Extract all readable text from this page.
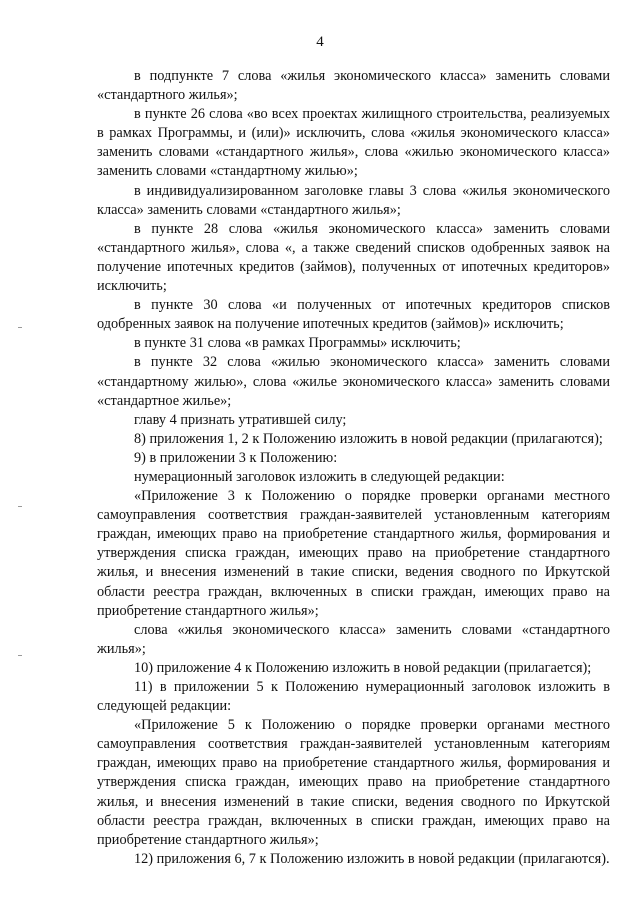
4

в подпункте 7 слова «жилья экономического класса» заменить словами «стандартного жилья»;

в пункте 26 слова «во всех проектах жилищного строительства, реализуемых в рамках Программы, и (или)» исключить, слова «жилья экономического класса» заменить словами «стандартного жилья», слова «жилью экономического класса» заменить словами «стандартному жилью»;

в индивидуализированном заголовке главы 3 слова «жилья экономического класса» заменить словами «стандартного жилья»;

в пункте 28 слова «жилья экономического класса» заменить словами «стандартного жилья», слова «, а также сведений списков одобренных заявок на получение ипотечных кредитов (займов), полученных от ипотечных кредиторов» исключить;

в пункте 30 слова «и полученных от ипотечных кредиторов списков одобренных заявок на получение ипотечных кредитов (займов)» исключить;

в пункте 31 слова «в рамках Программы» исключить;

в пункте 32 слова «жилью экономического класса» заменить словами «стандартному жилью», слова «жилье экономического класса» заменить словами «стандартное жилье»;

главу 4 признать утратившей силу;

8) приложения 1, 2 к Положению изложить в новой редакции (прилагаются);

9) в приложении 3 к Положению:

нумерационный заголовок изложить в следующей редакции:

«Приложение 3 к Положению о порядке проверки органами местного самоуправления соответствия граждан-заявителей установленным категориям граждан, имеющих право на приобретение стандартного жилья, формирования и утверждения списка граждан, имеющих право на приобретение стандартного жилья, и внесения изменений в такие списки, ведения сводного по Иркутской области реестра граждан, включенных в списки граждан, имеющих право на приобретение стандартного жилья»;

слова «жилья экономического класса» заменить словами «стандартного жилья»;

10) приложение 4 к Положению изложить в новой редакции (прилагается);

11) в приложении 5 к Положению нумерационный заголовок изложить в следующей редакции:

«Приложение 5 к Положению о порядке проверки органами местного самоуправления соответствия граждан-заявителей установленным категориям граждан, имеющих право на приобретение стандартного жилья, формирования и утверждения списка граждан, имеющих право на приобретение стандартного жилья, и внесения изменений в такие списки, ведения сводного по Иркутской области реестра граждан, включенных в списки граждан, имеющих право на приобретение стандартного жилья»;

12) приложения 6, 7 к Положению изложить в новой редакции (прилагаются).
